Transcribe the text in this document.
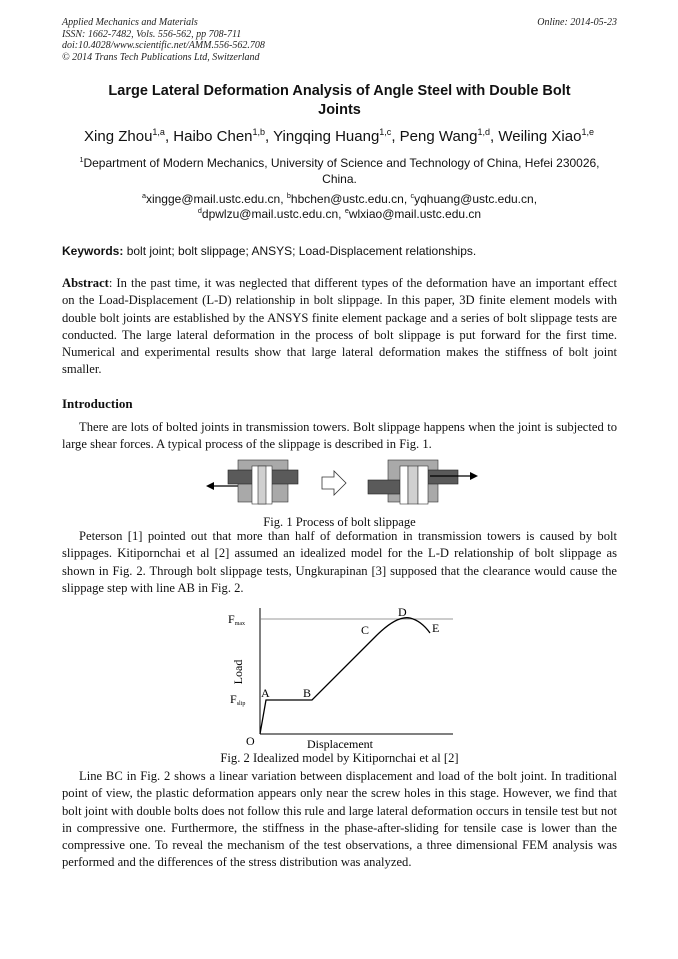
Applied Mechanics and Materials
ISSN: 1662-7482, Vols. 556-562, pp 708-711
doi:10.4028/www.scientific.net/AMM.556-562.708
© 2014 Trans Tech Publications Ltd, Switzerland
Online: 2014-05-23
Large Lateral Deformation Analysis of Angle Steel with Double Bolt
Joints
Xing Zhou$^{1,a}$, Haibo Chen$^{1,b}$, Yingqing Huang$^{1,c}$, Peng Wang$^{1,d}$, Weiling Xiao$^{1,e}$
$^1$Department of Modern Mechanics, University of Science and Technology of China, Hefei 230026, China.
$^a$xingge@mail.ustc.edu.cn, $^b$hbchen@ustc.edu.cn, $^c$yqhuang@ustc.edu.cn,
$^d$dpwlzu@mail.ustc.edu.cn, $^e$wlxiao@mail.ustc.edu.cn
Keywords: bolt joint; bolt slippage; ANSYS; Load-Displacement relationships.
Abstract: In the past time, it was neglected that different types of the deformation have an important effect on the Load-Displacement (L-D) relationship in bolt slippage. In this paper, 3D finite element models with double bolt joints are established by the ANSYS finite element package and a series of bolt slippage tests are conducted. The large lateral deformation in the process of bolt slippage is put forward for the first time. Numerical and experimental results show that large lateral deformation makes the stiffness of bolt joint smaller.
Introduction
There are lots of bolted joints in transmission towers. Bolt slippage happens when the joint is subjected to large shear forces. A typical process of the slippage is described in Fig. 1.
Fig. 1 Process of bolt slippage
Peterson [1] pointed out that more than half of deformation in transmission towers is caused by bolt slippages. Kitipornchai et al [2] assumed an idealized model for the L-D relationship of bolt slippage as shown in Fig. 2. Through bolt slippage tests, Ungkurapinan [3] supposed that the clearance would cause the slippage step with line AB in Fig. 2.
Fmax
Fslip
Load
Displacement
O
A	B
C
D
E
Fig. 2 Idealized model by Kitipornchai et al [2]
Line BC in Fig. 2 shows a linear variation between displacement and load of the bolt joint. In traditional point of view, the plastic deformation appears only near the screw holes in this stage. However, we find that bolt joint with double bolts does not follow this rule and large lateral deformation occurs in tensile test but not in compressive one. Furthermore, the stiffness in the phase-after-sliding for tensile case is lower than the compressive one. To reveal the mechanism of the test observations, a three dimensional FEM analysis was performed and the differences of the stress distribution was analyzed.
